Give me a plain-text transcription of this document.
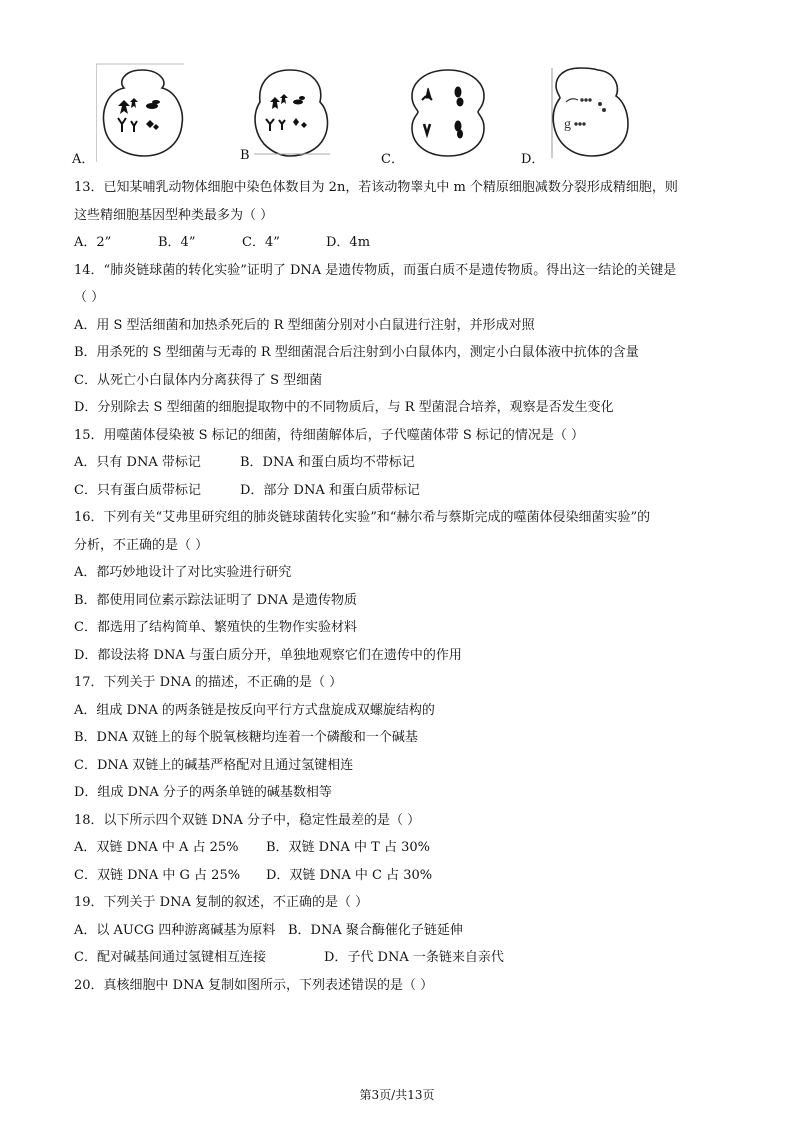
A．	B	C．	D．
g
13．已知某哺乳动物体细胞中染色体数目为 2n，若该动物睾丸中 m 个精原细胞减数分裂形成精细胞，则
这些精细胞基因型种类最多为（ ）
A．2”	B．4”	C．4”	D．4m
14．“肺炎链球菌的转化实验”证明了 DNA 是遗传物质，而蛋白质不是遗传物质。得出这一结论的关键是
（ ）
A．用 S 型活细菌和加热杀死后的 R 型细菌分别对小白鼠进行注射，并形成对照
B．用杀死的 S 型细菌与无毒的 R 型细菌混合后注射到小白鼠体内，测定小白鼠体液中抗体的含量
C．从死亡小白鼠体内分离获得了 S 型细菌
D．分别除去 S 型细菌的细胞提取物中的不同物质后，与 R 型菌混合培养，观察是否发生变化
15．用噬菌体侵染被 S 标记的细菌，待细菌解体后，子代噬菌体带 S 标记的情况是（ ）
A．只有 DNA 带标记	B．DNA 和蛋白质均不带标记
C．只有蛋白质带标记	D．部分 DNA 和蛋白质带标记
16．下列有关“艾弗里研究组的肺炎链球菌转化实验”和“赫尔希与蔡斯完成的噬菌体侵染细菌实验”的
分析，不正确的是（ ）
A．都巧妙地设计了对比实验进行研究
B．都使用同位素示踪法证明了 DNA 是遗传物质
C．都选用了结构简单、繁殖快的生物作实验材料
D．都设法将 DNA 与蛋白质分开，单独地观察它们在遗传中的作用
17．下列关于 DNA 的描述，不正确的是（ ）
A．组成 DNA 的两条链是按反向平行方式盘旋成双螺旋结构的
B．DNA 双链上的每个脱氧核糖均连着一个磷酸和一个碱基
C．DNA 双链上的碱基严格配对且通过氢键相连
D．组成 DNA 分子的两条单链的碱基数相等
18．以下所示四个双链 DNA 分子中，稳定性最差的是（ ）
A．双链 DNA 中 A 占 25% B．双链 DNA 中 T 占 30%
C．双链 DNA 中 G 占 25% D．双链 DNA 中 C 占 30%
19．下列关于 DNA 复制的叙述，不正确的是（ ）
A．以 AUCG 四种游离碱基为原料 B．DNA 聚合酶催化子链延伸
C．配对碱基间通过氢键相互连接	D．子代 DNA 一条链来自亲代
20．真核细胞中 DNA 复制如图所示，下列表述错误的是（ ）
第3页/共13页
